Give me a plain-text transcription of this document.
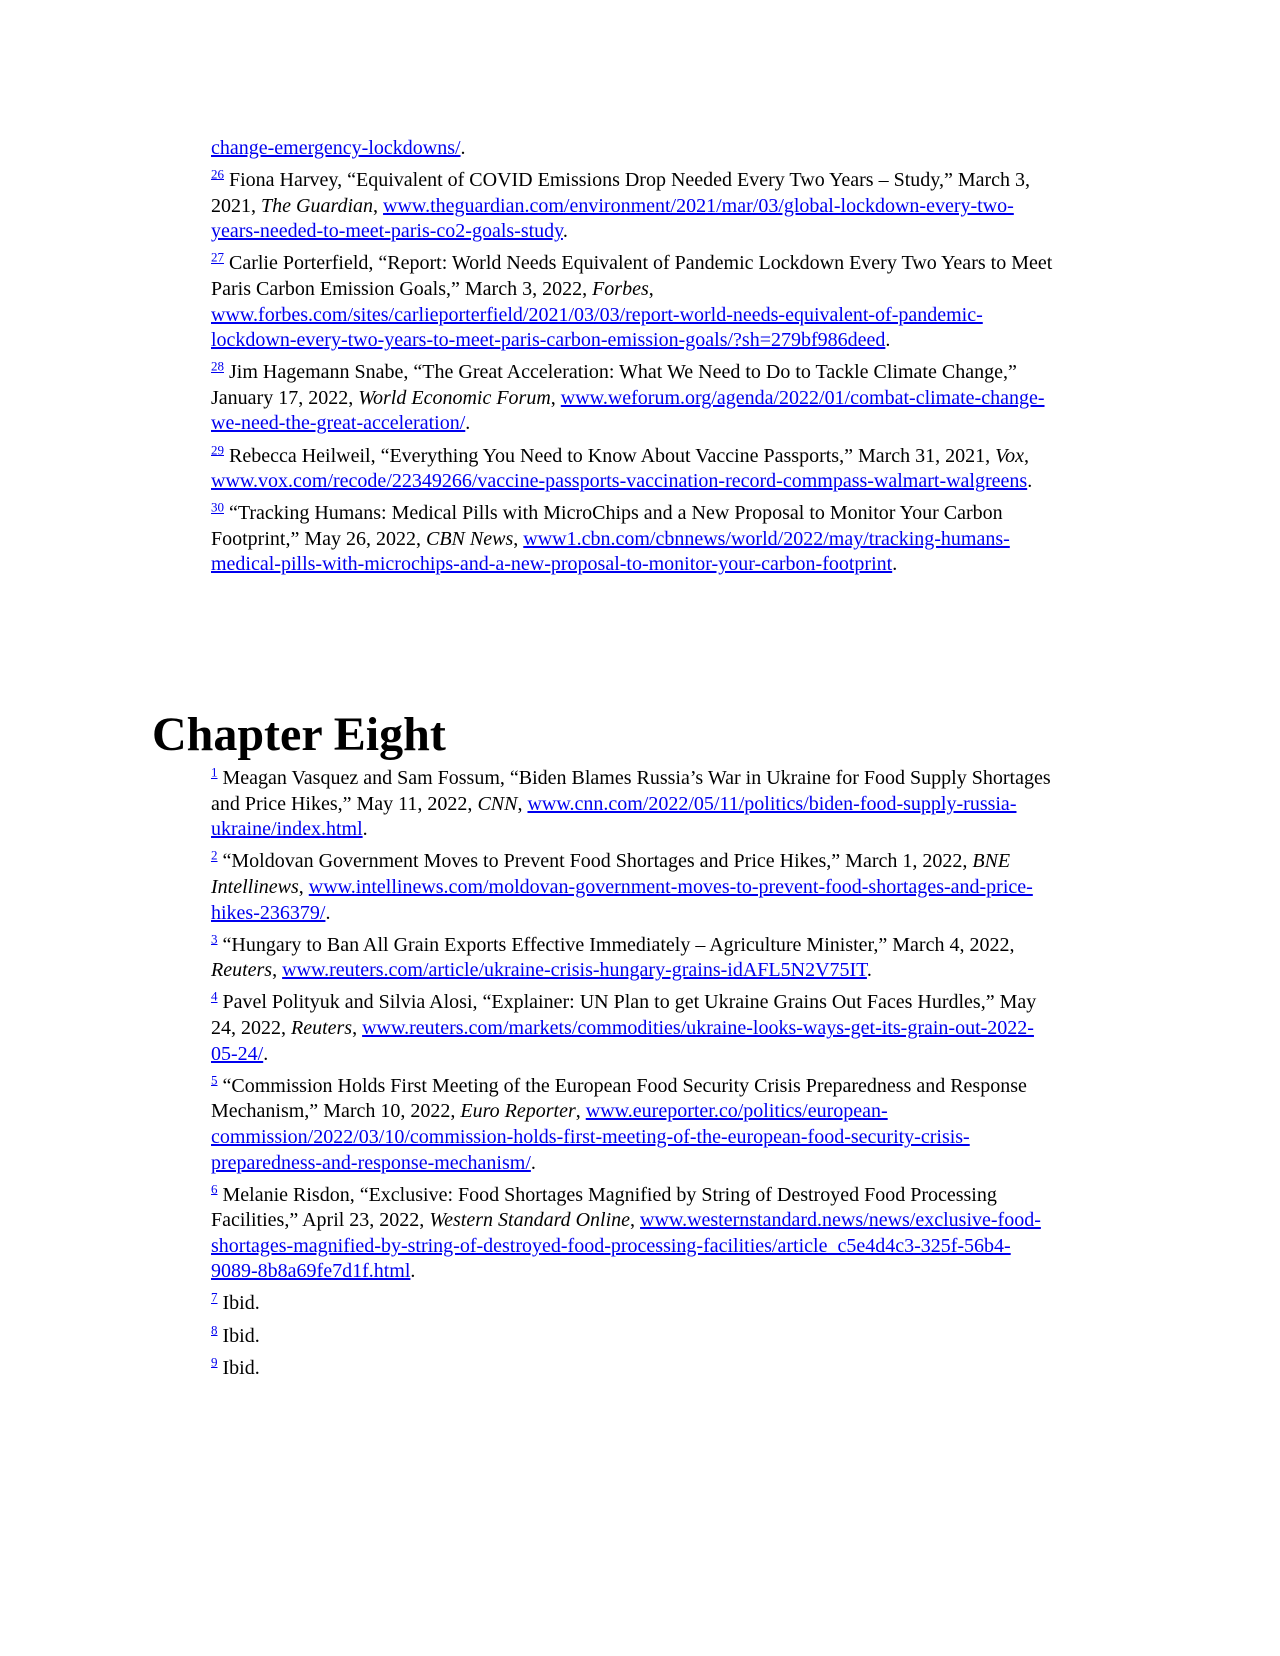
change-emergency-lockdowns/.

$^{26}$ Fiona Harvey, “Equivalent of COVID Emissions Drop Needed Every Two Years – Study,” March 3, 2021, The Guardian, www.theguardian.com/environment/2021/mar/03/global-lockdown-every-two-years-needed-to-meet-paris-co2-goals-study.

$^{27}$ Carlie Porterfield, “Report: World Needs Equivalent of Pandemic Lockdown Every Two Years to Meet Paris Carbon Emission Goals,” March 3, 2022, Forbes, www.forbes.com/sites/carlieporterfield/2021/03/03/report-world-needs-equivalent-of-pandemic-lockdown-every-two-years-to-meet-paris-carbon-emission-goals/?sh=279bf986deed.

$^{28}$ Jim Hagemann Snabe, “The Great Acceleration: What We Need to Do to Tackle Climate Change,” January 17, 2022, World Economic Forum, www.weforum.org/agenda/2022/01/combat-climate-change-we-need-the-great-acceleration/.

$^{29}$ Rebecca Heilweil, “Everything You Need to Know About Vaccine Passports,” March 31, 2021, Vox, www.vox.com/recode/22349266/vaccine-passports-vaccination-record-commpass-walmart-walgreens.

$^{30}$ “Tracking Humans: Medical Pills with MicroChips and a New Proposal to Monitor Your Carbon Footprint,” May 26, 2022, CBN News, www1.cbn.com/cbnnews/world/2022/may/tracking-humans-medical-pills-with-microchips-and-a-new-proposal-to-monitor-your-carbon-footprint.

Chapter Eight

$^1$ Meagan Vasquez and Sam Fossum, “Biden Blames Russia’s War in Ukraine for Food Supply Shortages and Price Hikes,” May 11, 2022, CNN, www.cnn.com/2022/05/11/politics/biden-food-supply-russia-ukraine/index.html.

$^2$ “Moldovan Government Moves to Prevent Food Shortages and Price Hikes,” March 1, 2022, BNE Intellinews, www.intellinews.com/moldovan-government-moves-to-prevent-food-shortages-and-price-hikes-236379/.

$^3$ “Hungary to Ban All Grain Exports Effective Immediately – Agriculture Minister,” March 4, 2022, Reuters, www.reuters.com/article/ukraine-crisis-hungary-grains-idAFL5N2V75IT.

$^4$ Pavel Polityuk and Silvia Alosi, “Explainer: UN Plan to get Ukraine Grains Out Faces Hurdles,” May 24, 2022, Reuters, www.reuters.com/markets/commodities/ukraine-looks-ways-get-its-grain-out-2022-05-24/.

$^5$ “Commission Holds First Meeting of the European Food Security Crisis Preparedness and Response Mechanism,” March 10, 2022, Euro Reporter, www.eureporter.co/politics/european-commission/2022/03/10/commission-holds-first-meeting-of-the-european-food-security-crisis-preparedness-and-response-mechanism/.

$^6$ Melanie Risdon, “Exclusive: Food Shortages Magnified by String of Destroyed Food Processing Facilities,” April 23, 2022, Western Standard Online, www.westernstandard.news/news/exclusive-food-shortages-magnified-by-string-of-destroyed-food-processing-facilities/article_c5e4d4c3-325f-56b4-9089-8b8a69fe7d1f.html.

$^7$ Ibid.

$^8$ Ibid.

$^9$ Ibid.
